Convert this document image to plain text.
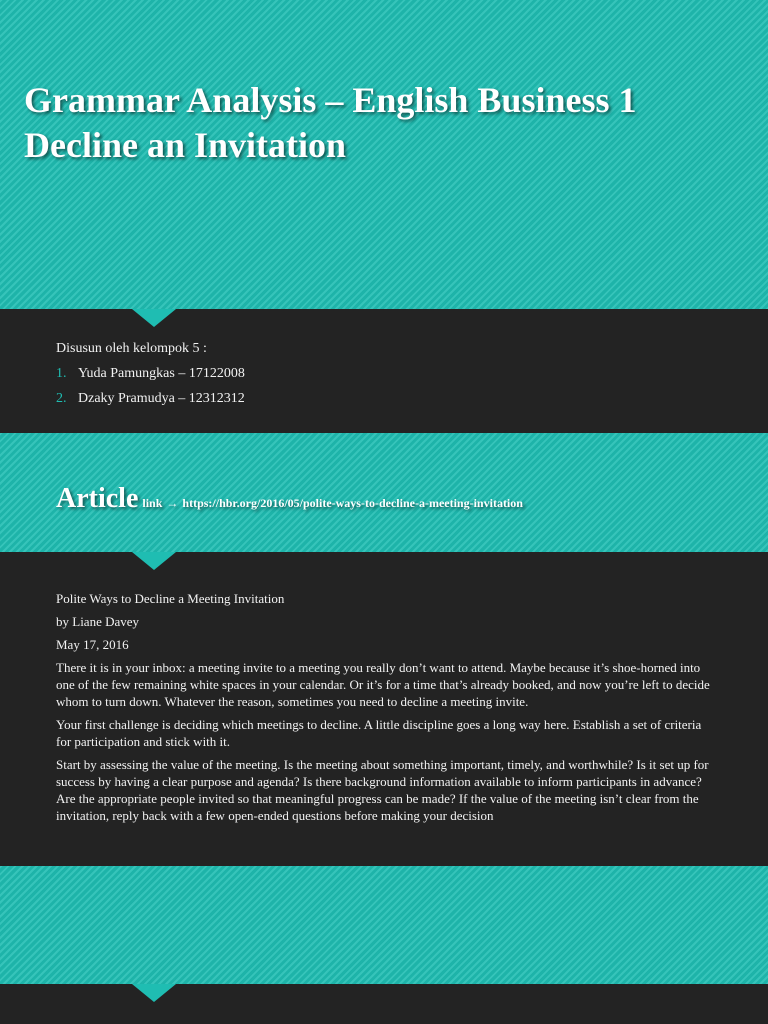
Grammar Analysis – English Business 1
Decline an Invitation
Disusun oleh kelompok 5 :
1. Yuda Pamungkas – 17122008
2. Dzaky Pramudya – 12312312
Article link → https://hbr.org/2016/05/polite-ways-to-decline-a-meeting-invitation

Polite Ways to Decline a Meeting Invitation

by Liane Davey

May 17, 2016

There it is in your inbox: a meeting invite to a meeting you really don’t want to attend. Maybe because it’s shoe-horned into one of the few remaining white spaces in your calendar. Or it’s for a time that’s already booked, and now you’re left to decide whom to turn down. Whatever the reason, sometimes you need to decline a meeting invite.

Your first challenge is deciding which meetings to decline. A little discipline goes a long way here. Establish a set of criteria for participation and stick with it.

Start by assessing the value of the meeting. Is the meeting about something important, timely, and worthwhile? Is it set up for success by having a clear purpose and agenda? Is there background information available to inform participants in advance? Are the appropriate people invited so that meaningful progress can be made? If the value of the meeting isn’t clear from the invitation, reply back with a few open-ended questions before making your decision
